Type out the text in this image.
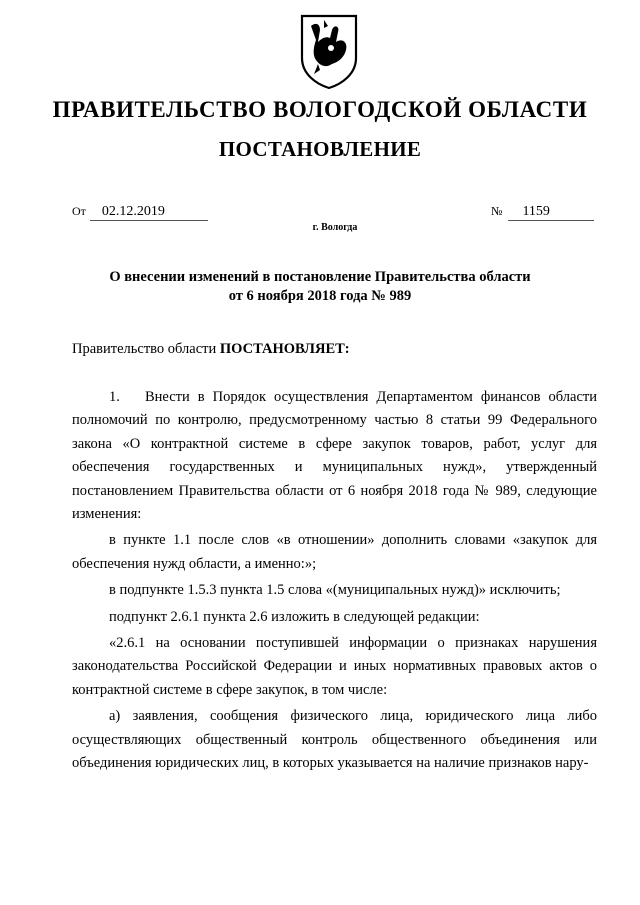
ПРАВИТЕЛЬСТВО ВОЛОГОДСКОЙ ОБЛАСТИ
ПОСТАНОВЛЕНИЕ
От 02.12.2019	№ 1159
г. Вологда
О внесении изменений в постановление Правительства области
от 6 ноября 2018 года № 989
Правительство области ПОСТАНОВЛЯЕТ:

1. Внести в Порядок осуществления Департаментом финансов области полномочий по контролю, предусмотренному частью 8 статьи 99 Федерального закона «О контрактной системе в сфере закупок товаров, работ, услуг для обеспечения государственных и муниципальных нужд», утвержденный постановлением Правительства области от 6 ноября 2018 года № 989, следующие изменения:

в пункте 1.1 после слов «в отношении» дополнить словами «закупок для обеспечения нужд области, а именно:»;

в подпункте 1.5.3 пункта 1.5 слова «(муниципальных нужд)» исключить;

подпункт 2.6.1 пункта 2.6 изложить в следующей редакции:

«2.6.1 на основании поступившей информации о признаках нарушения законодательства Российской Федерации и иных нормативных правовых актов о контрактной системе в сфере закупок, в том числе:

а) заявления, сообщения физического лица, юридического лица либо осуществляющих общественный контроль общественного объединения или объединения юридических лиц, в которых указывается на наличие признаков нару-
